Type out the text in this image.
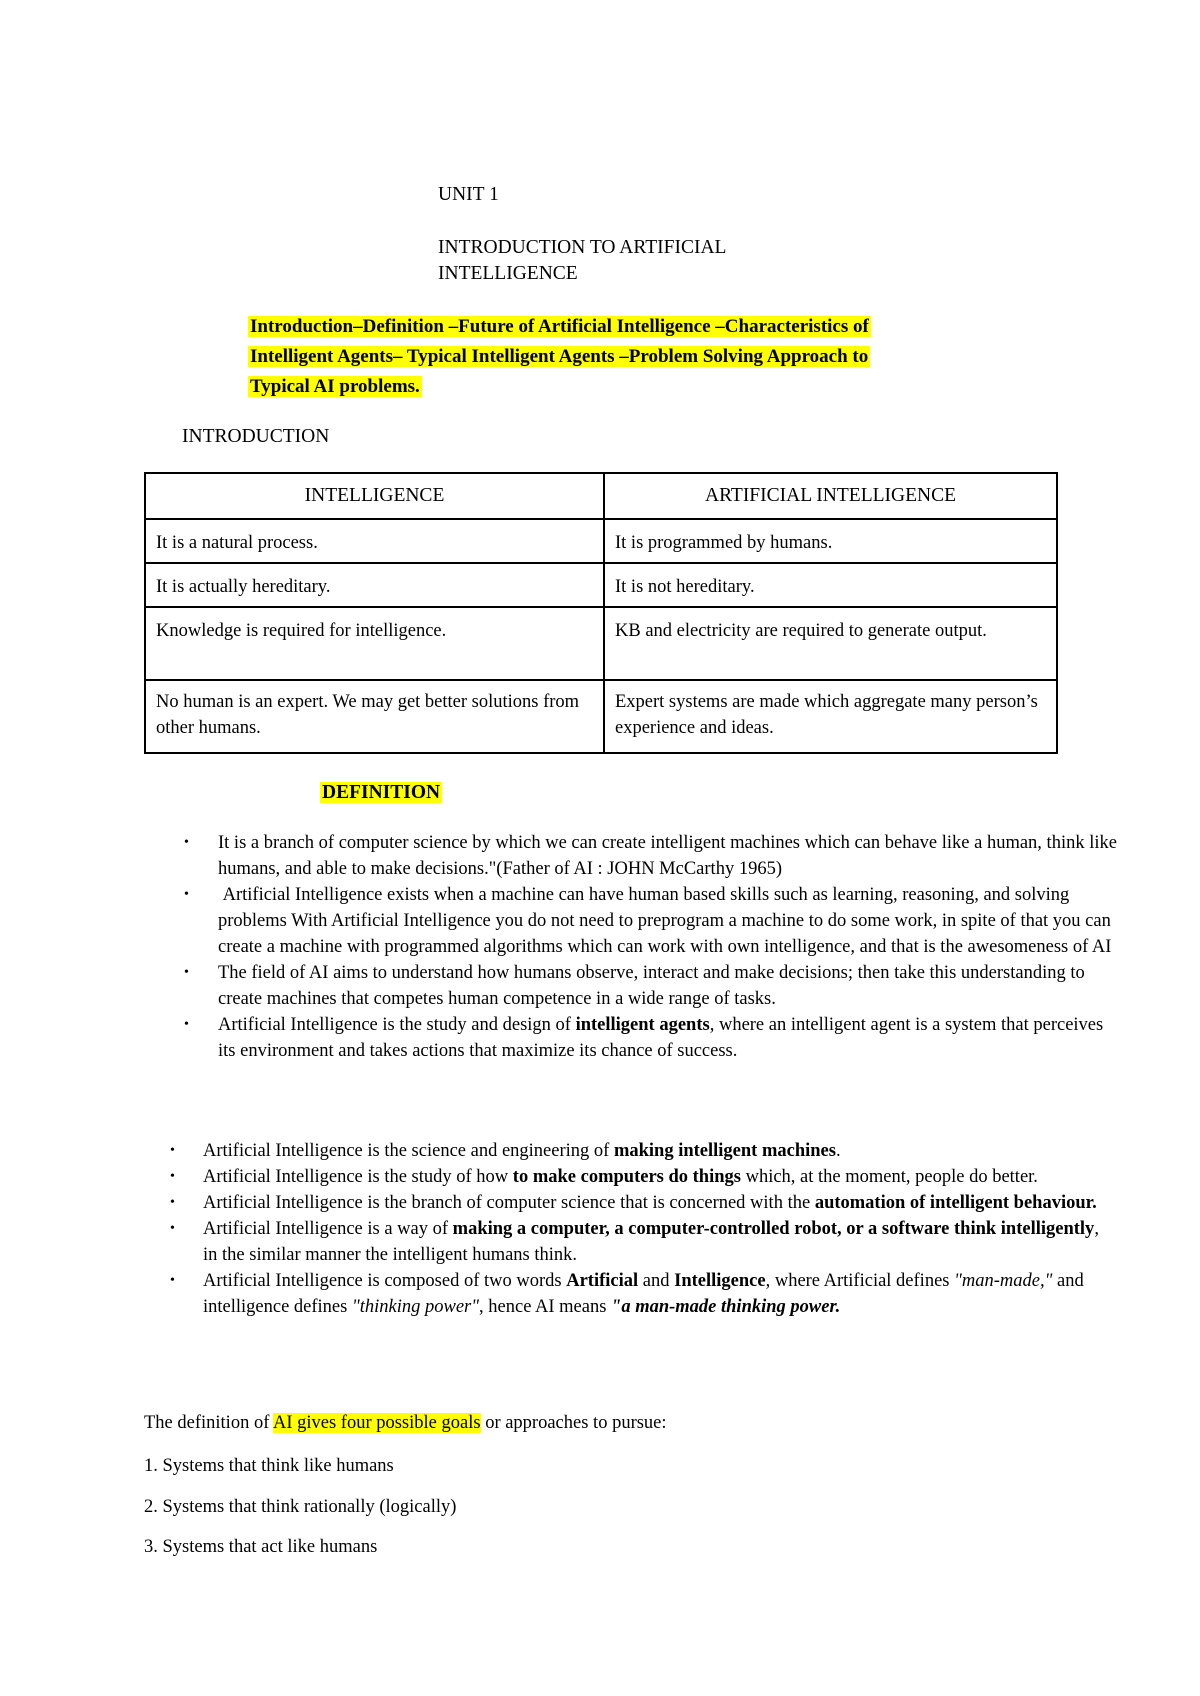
UNIT 1
INTRODUCTION TO ARTIFICIAL
INTELLIGENCE
Introduction–Definition –Future of Artificial Intelligence –Characteristics of
Intelligent Agents– Typical Intelligent Agents –Problem Solving Approach to
Typical AI problems.
INTRODUCTION
INTELLIGENCE	ARTIFICIAL INTELLIGENCE
It is a natural process.	It is programmed by humans.
It is actually hereditary.	It is not hereditary.
Knowledge is required for intelligence.	KB and electricity are required to generate output.
No human is an expert. We may get better solutions from other humans.	Expert systems are made which aggregate many person’s experience and ideas.
DEFINITION
• It is a branch of computer science by which we can create intelligent machines which can behave like a human, think like humans, and able to make decisions."(Father of AI : JOHN McCarthy 1965)
• Artificial Intelligence exists when a machine can have human based skills such as learning, reasoning, and solving problems With Artificial Intelligence you do not need to preprogram a machine to do some work, in spite of that you can create a machine with programmed algorithms which can work with own intelligence, and that is the awesomeness of AI
• The field of AI aims to understand how humans observe, interact and make decisions; then take this understanding to create machines that competes human competence in a wide range of tasks.
• Artificial Intelligence is the study and design of intelligent agents, where an intelligent agent is a system that perceives its environment and takes actions that maximize its chance of success.
• Artificial Intelligence is the science and engineering of making intelligent machines.
• Artificial Intelligence is the study of how to make computers do things which, at the moment, people do better.
• Artificial Intelligence is the branch of computer science that is concerned with the automation of intelligent behaviour.
• Artificial Intelligence is a way of making a computer, a computer-controlled robot, or a software think intelligently, in the similar manner the intelligent humans think.
• Artificial Intelligence is composed of two words Artificial and Intelligence, where Artificial defines "man-made," and intelligence defines "thinking power", hence AI means "a man-made thinking power.
The definition of AI gives four possible goals or approaches to pursue:
1. Systems that think like humans
2. Systems that think rationally (logically)
3. Systems that act like humans
